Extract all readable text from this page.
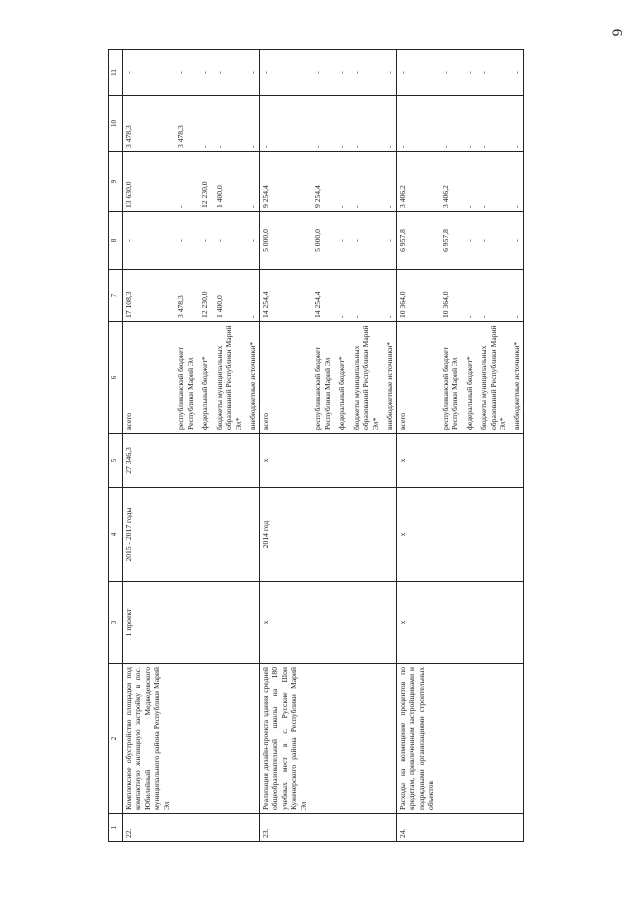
6
1	2	3	4	5	6	7	8	9	10	11
22.	Комплексное обустройство площадки под компактную жилищную застройку в пос. Юбилейный Медведевского муниципального района Республики Марий Эл	1 проект	2015 - 2017 годы	27 346,3	всего	17 108,3	-	13 630,0	3 478,3	-
					республиканский бюджет Республики Марий Эл	3 478,3	-	-	3 478,3	-
					федеральный бюджет*	12 230,0	-	12 230,0	-	-
					бюджеты муниципальных образований Республики Марий Эл*	1 400,0	-	1 400,0	-	-
					внебюджетные источники*	-	-	-	-	-
23.	Реализация дизайн-проекта здания средней общеобразовательной школы на 180 учебных мест в с. Русские Шои Куженерского района Республики Марий Эл	x	2014 год	x	всего	14 254,4	5 000,0	9 254,4	-	-
					республиканский бюджет Республики Марий Эл	14 254,4	5 000,0	9 254,4	-	-
					федеральный бюджет*	-	-	-	-	-
					бюджеты муниципальных образований Республики Марий Эл*	-	-	-	-	-
					внебюджетные источники*	-	-	-	-	-
24.	Расходы на возмещение процентов по кредитам, привлеченным застройщиками и подрядными организациями строительных объектов	x	x	x	всего	10 364,0	6 957,8	3 406,2	-	-
					республиканский бюджет Республики Марий Эл	10 364,0	6 957,8	3 406,2	-	-
					федеральный бюджет*	-	-	-	-	-
					бюджеты муниципальных образований Республики Марий Эл*	-	-	-	-	-
					внебюджетные источники*	-	-	-	-	-
